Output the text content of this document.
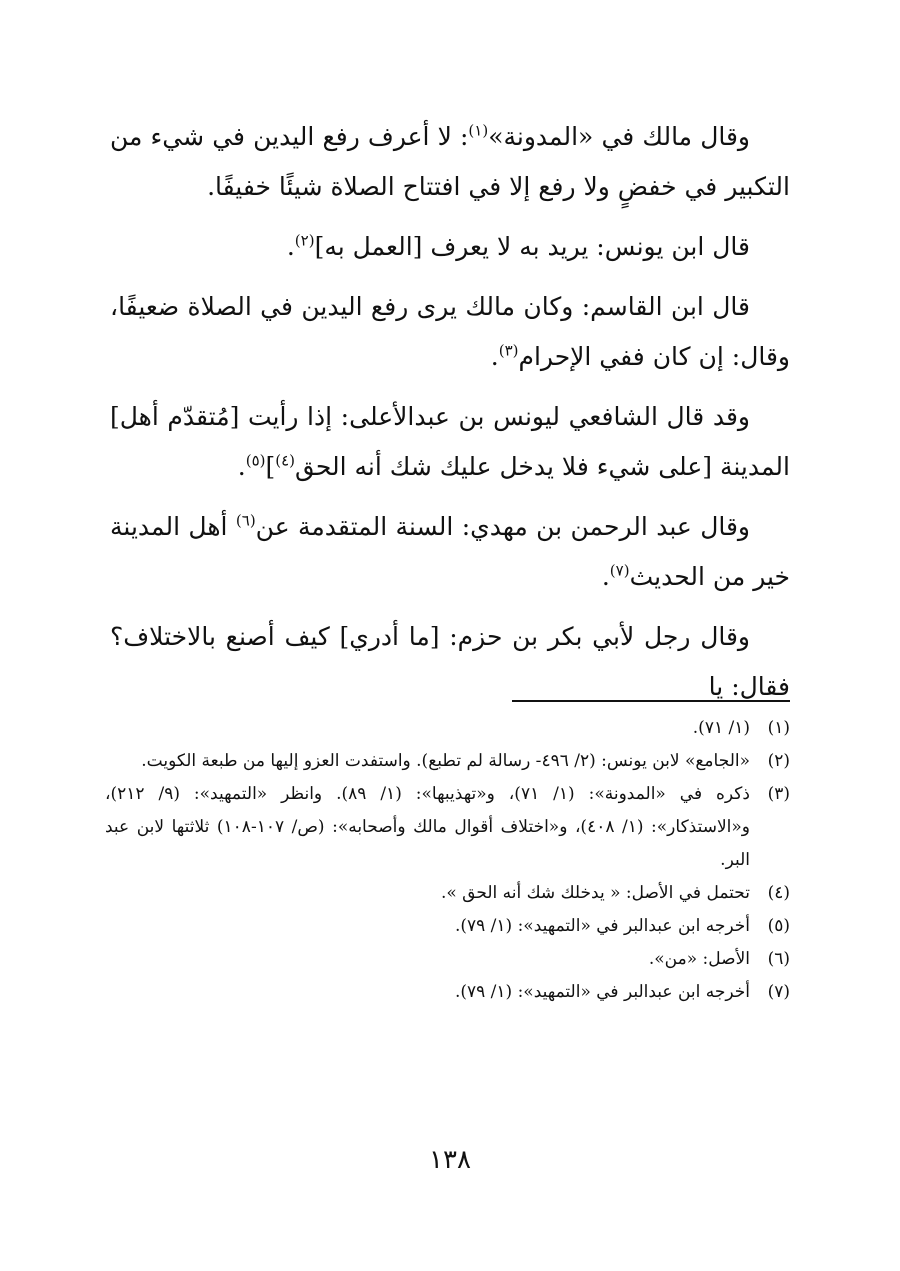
وقال مالك في «المدونة»$^{(١)}$: لا أعرف رفع اليدين في شيء من التكبير في خفضٍ ولا رفع إلا في افتتاح الصلاة شيئًا خفيفًا.

قال ابن يونس: يريد به لا يعرف [العمل به]$^{(٢)}$.

قال ابن القاسم: وكان مالك يرى رفع اليدين في الصلاة ضعيفًا، وقال: إن كان ففي الإحرام$^{(٣)}$.

وقد قال الشافعي ليونس بن عبدالأعلى: إذا رأيت [مُتقدّم أهل] المدينة [على شيء فلا يدخل عليك شك أنه الحق$^{(٤)}$]$^{(٥)}$.

وقال عبد الرحمن بن مهدي: السنة المتقدمة عن$^{(٦)}$ أهل المدينة خير من الحديث$^{(٧)}$.

وقال رجل لأبي بكر بن حزم: [ما أدري] كيف أصنع بالاختلاف؟ فقال: يا

(١)
(١/ ٧١).
(٢)
«الجامع» لابن يونس: (٢/ ٤٩٦- رسالة لم تطبع). واستفدت العزو إليها من طبعة الكويت.
(٣)
ذكره في «المدونة»: (١/ ٧١)، و«تهذيبها»: (١/ ٨٩). وانظر «التمهيد»: (٩/ ٢١٢)، و«الاستذكار»: (١/ ٤٠٨)، و«اختلاف أقوال مالك وأصحابه»: (ص/ ١٠٧-١٠٨) ثلاثتها لابن عبد البر.
(٤)
تحتمل في الأصل: « يدخلك شك أنه الحق ».
(٥)
أخرجه ابن عبدالبر في «التمهيد»: (١/ ٧٩).
(٦)
الأصل: «من».
(٧)
أخرجه ابن عبدالبر في «التمهيد»: (١/ ٧٩).
١٣٨
